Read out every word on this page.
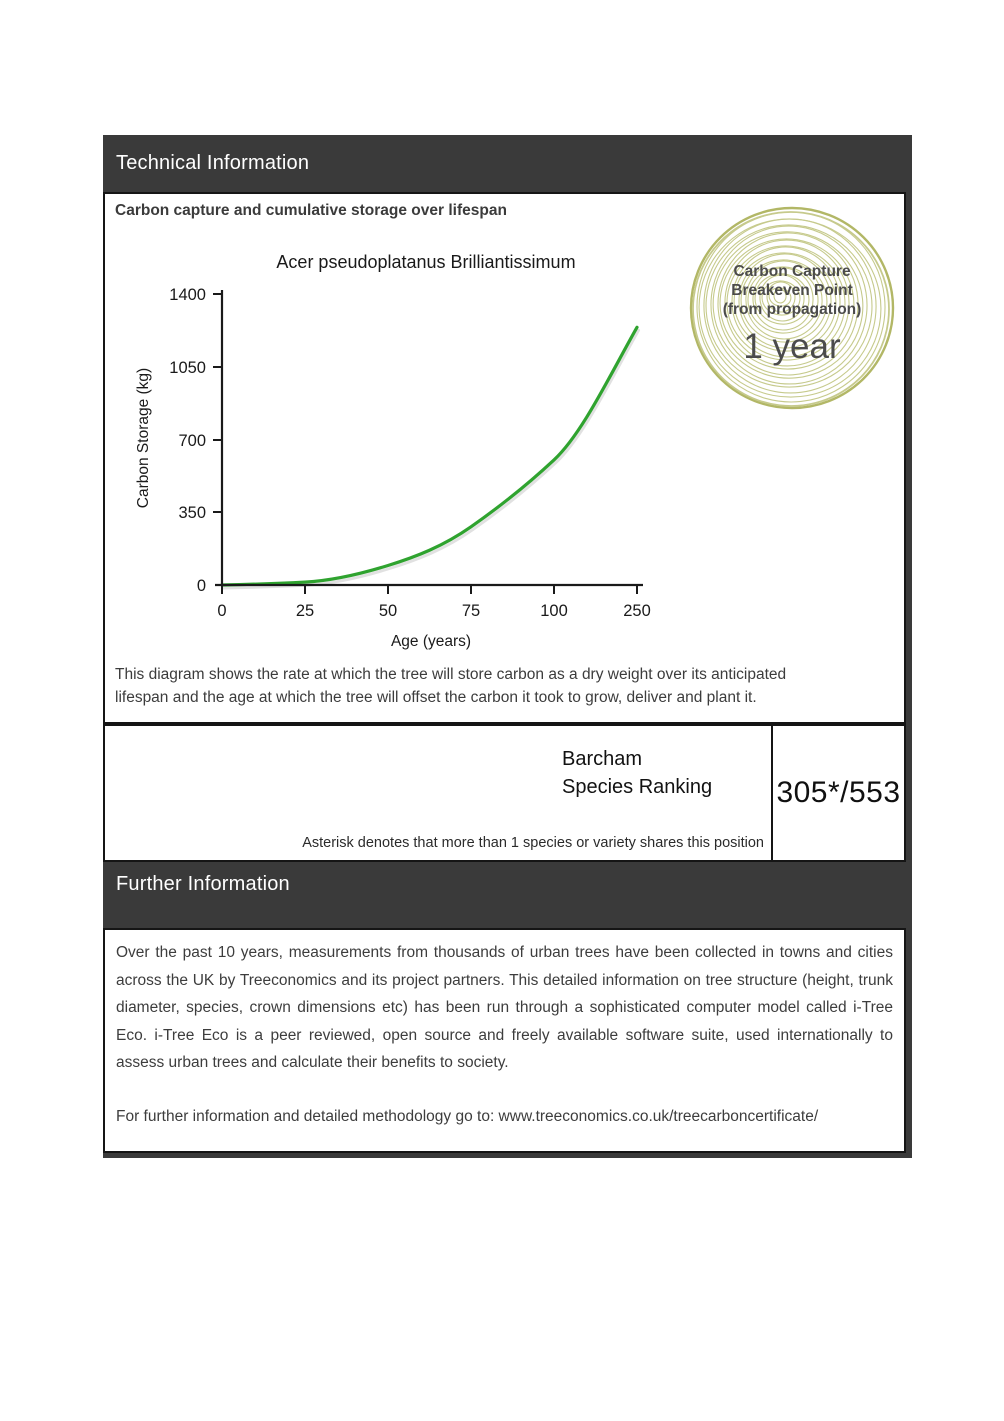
Technical Information
Carbon capture and cumulative storage over lifespan
Acer pseudoplatanus Brilliantissimum
1400
1050
700
350
0
0	25	50	75	100	250
Age (years)
Carbon Storage (kg)
Carbon Capture
Breakeven Point
(from propagation)
1 year
This diagram shows the rate at which the tree will store carbon as a dry weight over its anticipated
lifespan and the age at which the tree will offset the carbon it took to grow, deliver and plant it.
Barcham
Species Ranking
Asterisk denotes that more than 1 species or variety shares this position
305*/553
Further Information

Over the past 10 years, measurements from thousands of urban trees have been collected in towns and cities across the UK by Treeconomics and its project partners. This detailed information on tree structure (height, trunk diameter, species, crown dimensions etc) has been run through a sophisticated computer model called i-Tree Eco. i-Tree Eco is a peer reviewed, open source and freely available software suite, used internationally to assess urban trees and calculate their benefits to society.

For further information and detailed methodology go to: www.treeconomics.co.uk/treecarboncertificate/
